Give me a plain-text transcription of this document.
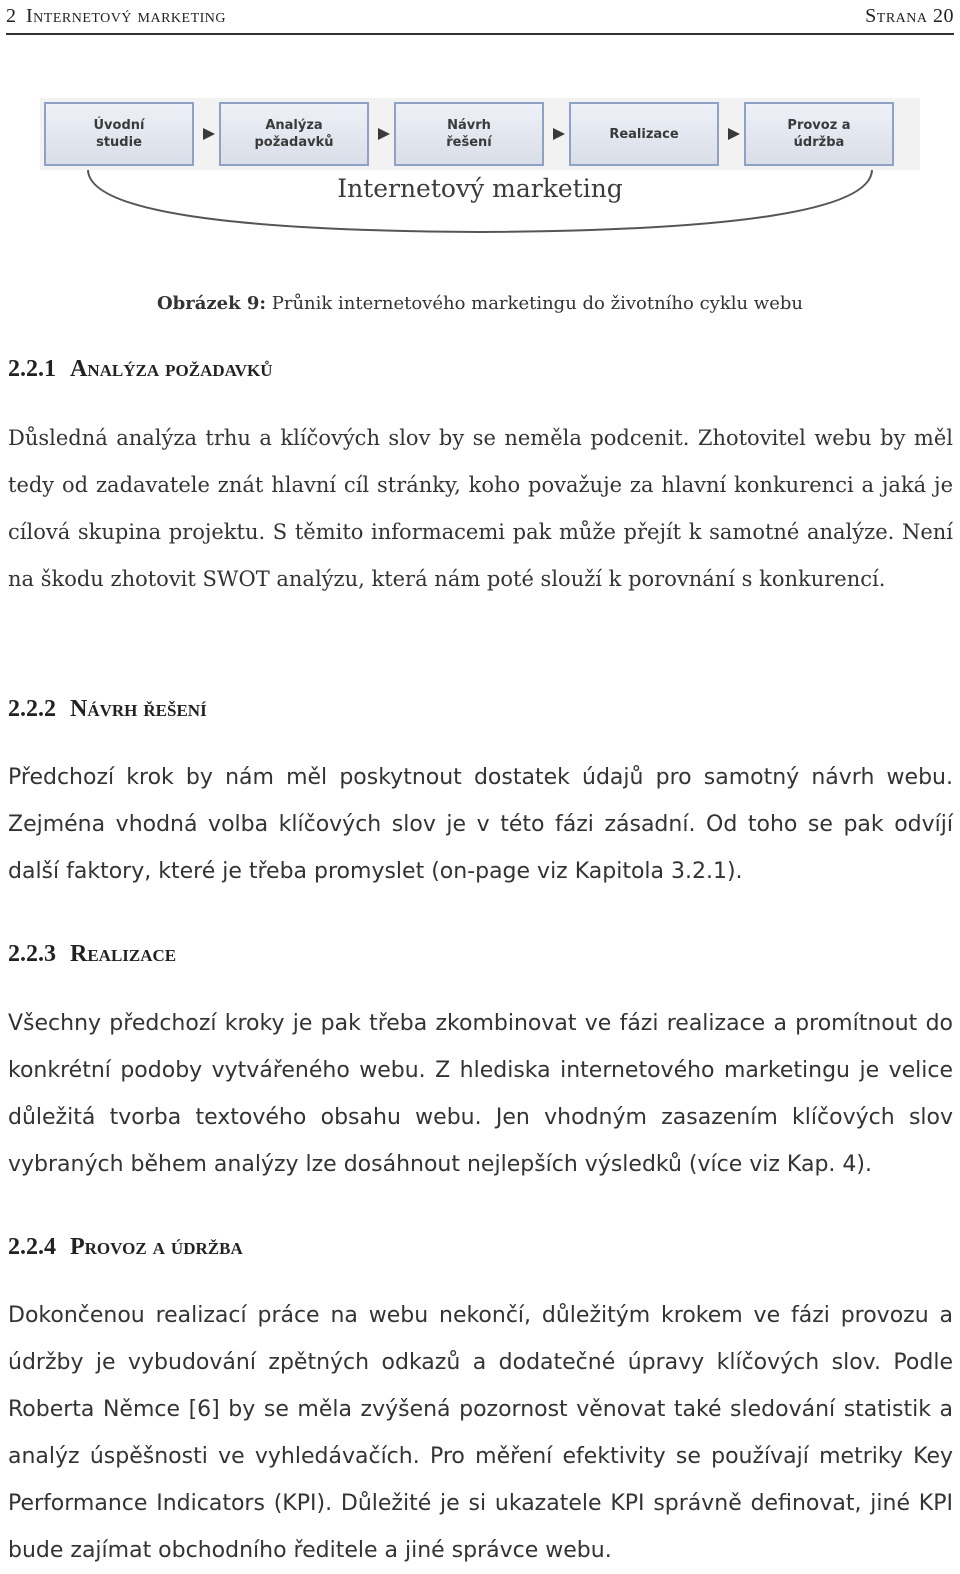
2 Internetový marketing	Strana 20
Úvodní
studie
Analýza
požadavků
Návrh
řešení
Realizace
Provoz a
údržba
Internetový marketing
Obrázek 9: Průnik internetového marketingu do životního cyklu webu
2.2.1 Analýza požadavků

Důsledná analýza trhu a klíčových slov by se neměla podcenit. Zhotovitel webu by měl tedy od zadavatele znát hlavní cíl stránky, koho považuje za hlavní konkurenci a jaká je cílová skupina projektu. S těmito informacemi pak může přejít k samotné analýze. Není na škodu zhotovit SWOT analýzu, která nám poté slouží k porovnání s konkurencí.

2.2.2 Návrh řešení

Předchozí krok by nám měl poskytnout dostatek údajů pro samotný návrh webu. Zejména vhodná volba klíčových slov je v této fázi zásadní. Od toho se pak odvíjí další faktory, které je třeba promyslet (on-page viz Kapitola 3.2.1).

2.2.3 Realizace

Všechny předchozí kroky je pak třeba zkombinovat ve fázi realizace a promítnout do konkrétní podoby vytvářeného webu. Z hlediska internetového marketingu je velice důležitá tvorba textového obsahu webu. Jen vhodným zasazením klíčových slov vybraných během analýzy lze dosáhnout nejlepších výsledků (více viz Kap. 4).

2.2.4 Provoz a údržba

Dokončenou realizací práce na webu nekončí, důležitým krokem ve fázi provozu a údržby je vybudování zpětných odkazů a dodatečné úpravy klíčových slov. Podle Roberta Němce [6] by se měla zvýšená pozornost věnovat také sledování statistik a analýz úspěšnosti ve vyhledávačích. Pro měření efektivity se používají metriky Key Performance Indicators (KPI). Důležité je si ukazatele KPI správně definovat, jiné KPI bude zajímat obchodního ředitele a jiné správce webu.
